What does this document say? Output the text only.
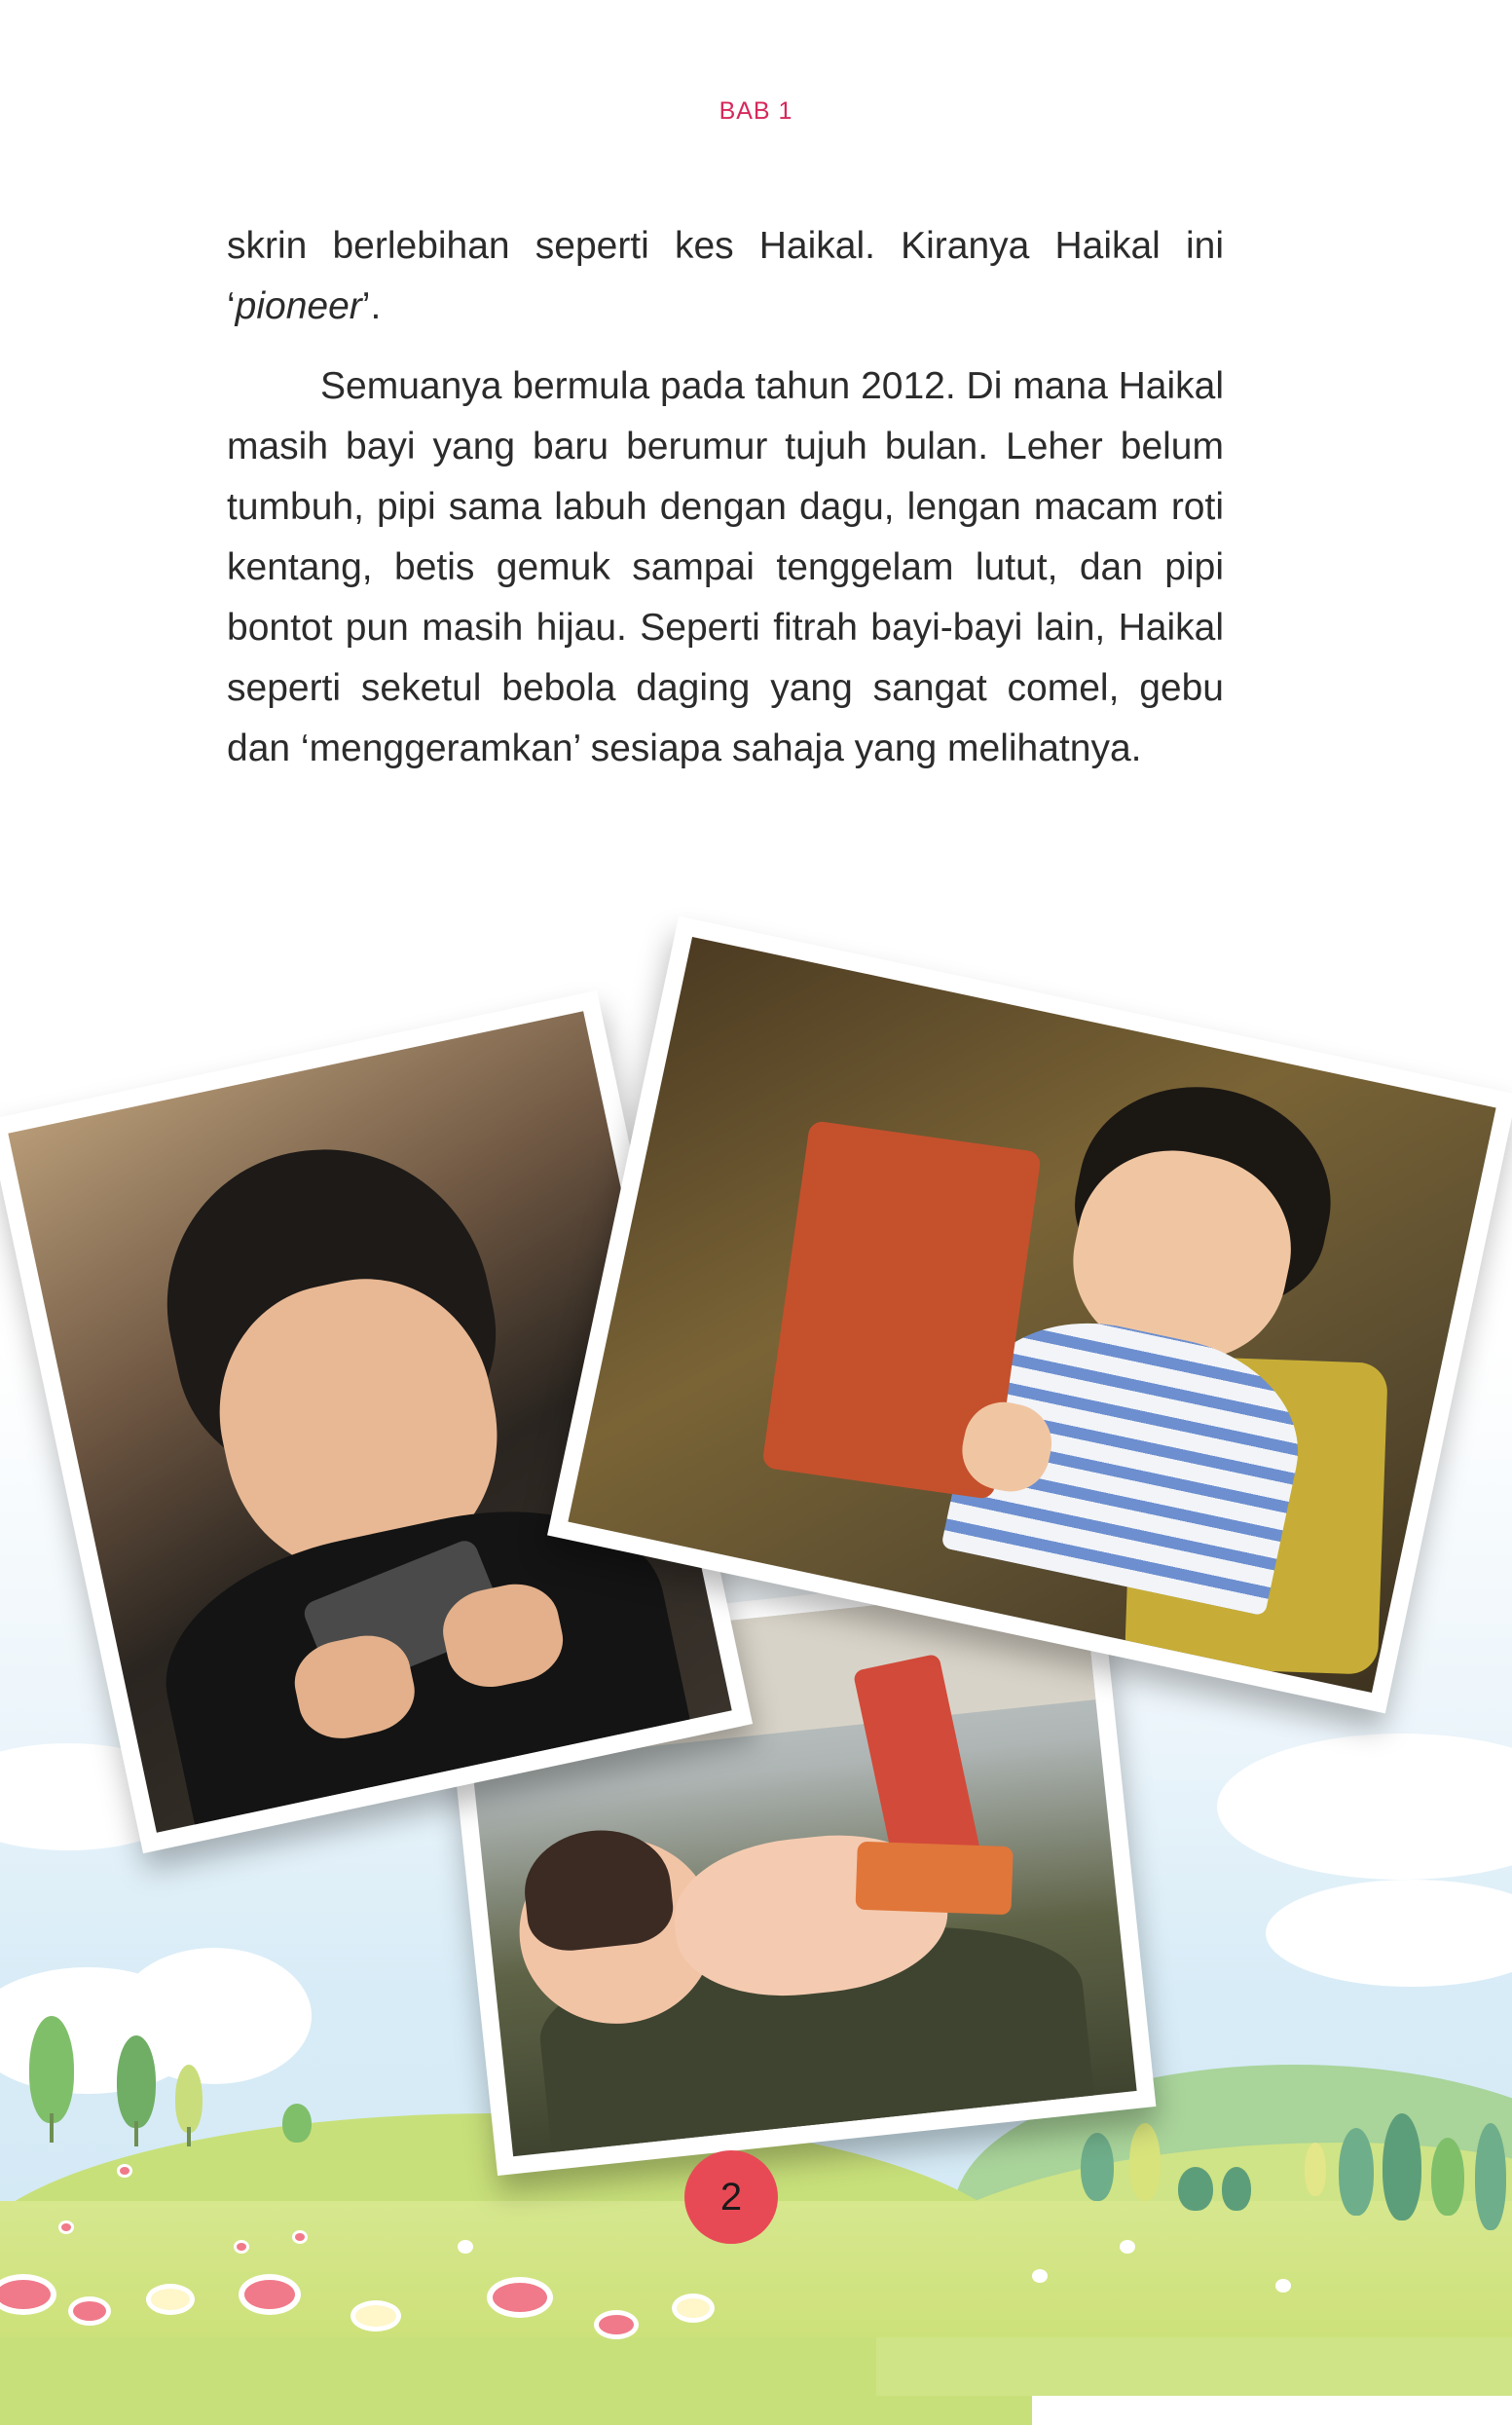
BAB 1

skrin berlebihan seperti kes Haikal. Kiranya Haikal ini ‘pioneer’.

Semuanya bermula pada tahun 2012. Di mana Haikal masih bayi yang baru berumur tujuh bulan. Leher belum tumbuh, pipi sama labuh dengan dagu, lengan macam roti kentang, betis gemuk sampai tenggelam lutut, dan pipi bontot pun masih hijau. Seperti fitrah bayi-bayi lain, Haikal seperti seketul bebola daging yang sangat comel, gebu dan ‘menggeramkan’ sesiapa sahaja yang melihatnya.

2
